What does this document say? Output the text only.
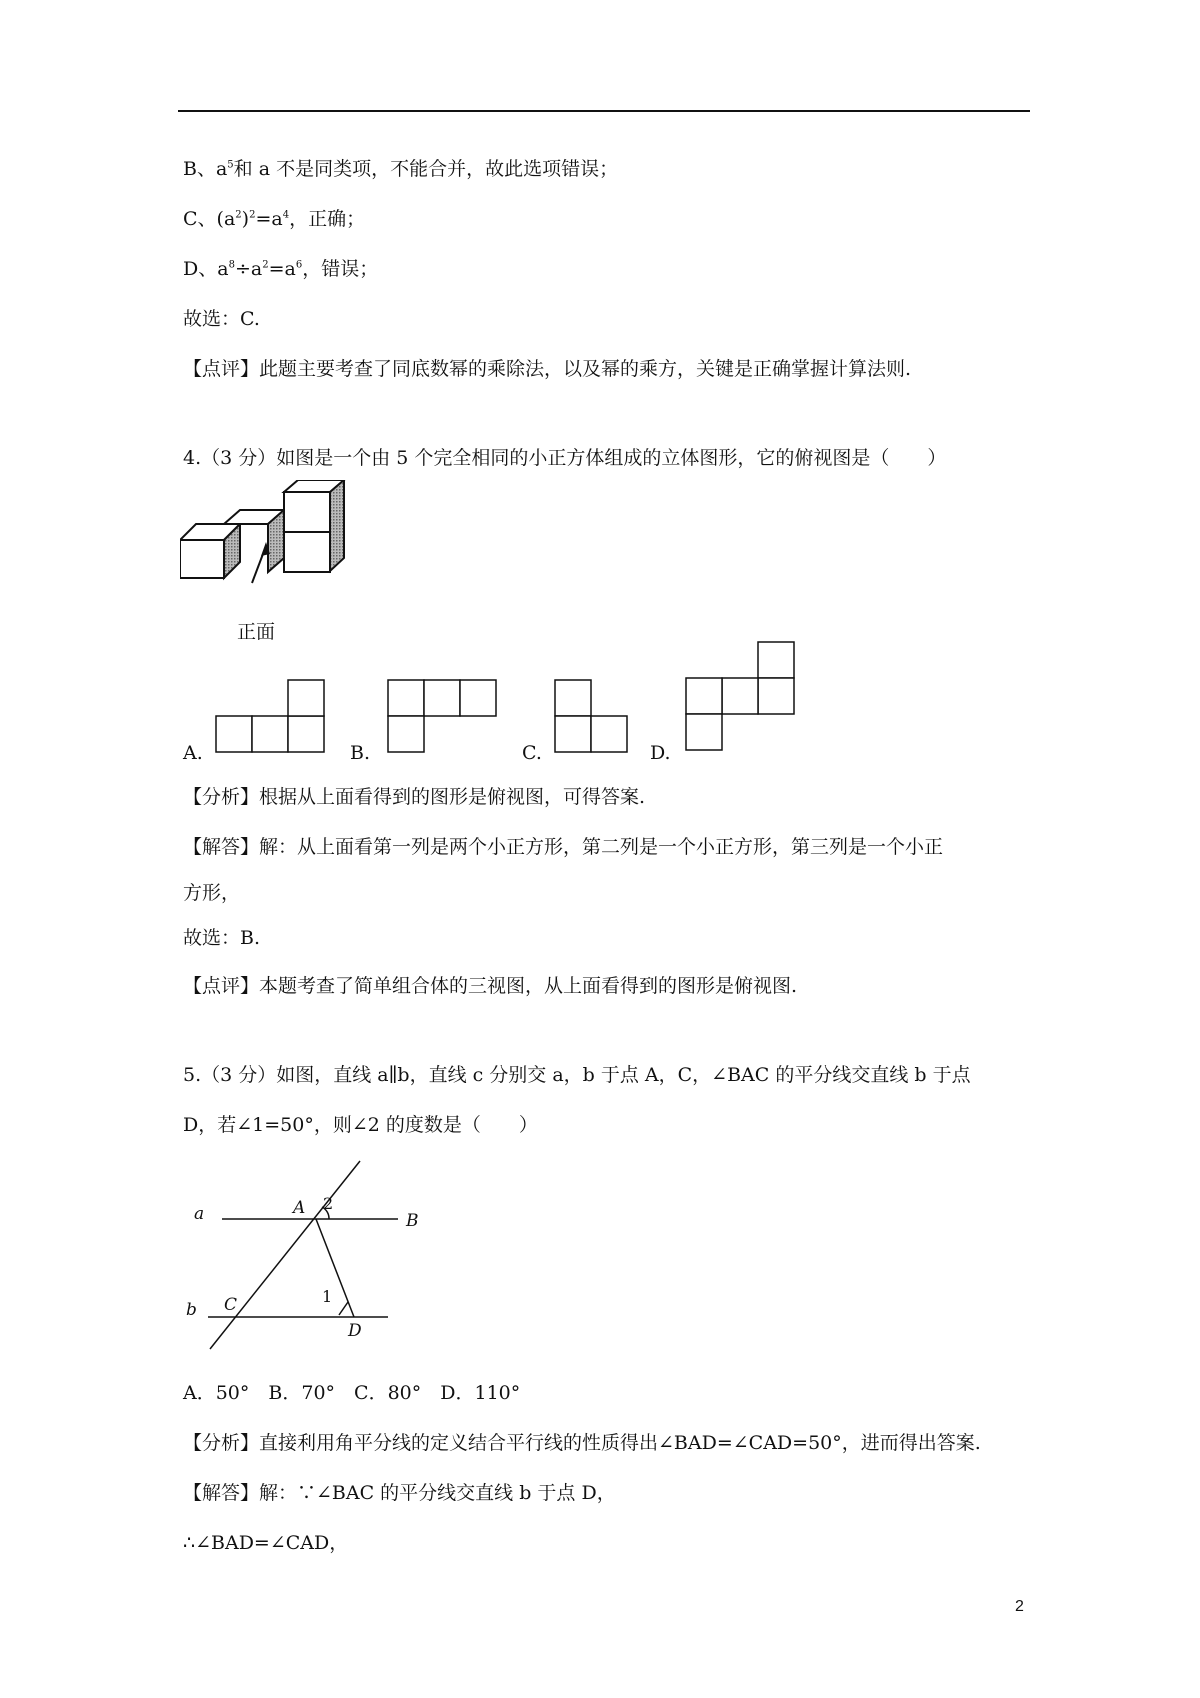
B、$a^5$和 a 不是同类项，不能合并，故此选项错误；
C、$(a^2)^2=a^4$，正确；
D、$a^8\div a^2=a^6$，错误；
故选：C.
【点评】此题主要考查了同底数幂的乘除法，以及幂的乘方，关键是正确掌握计算法则.
4.（3 分）如图是一个由 5 个完全相同的小正方体组成的立体图形，它的俯视图是（　　）
正面
A.	B.	C.	D.
【分析】根据从上面看得到的图形是俯视图，可得答案.
【解答】解：从上面看第一列是两个小正方形，第二列是一个小正方形，第三列是一个小正
方形，
故选：B.
【点评】本题考查了简单组合体的三视图，从上面看得到的图形是俯视图.
5.（3 分）如图，直线 a∥b，直线 c 分别交 a，b 于点 A，C，∠BAC 的平分线交直线 b 于点
D，若∠1=50°，则∠2 的度数是（　　）
a	A
B
b C
D
2
1
A．50°　B．70°　C．80°　D．110°
【分析】直接利用角平分线的定义结合平行线的性质得出∠BAD=∠CAD=50°，进而得出答案.
【解答】解：∵∠BAC 的平分线交直线 b 于点 D，
∴∠BAD=∠CAD，
2
